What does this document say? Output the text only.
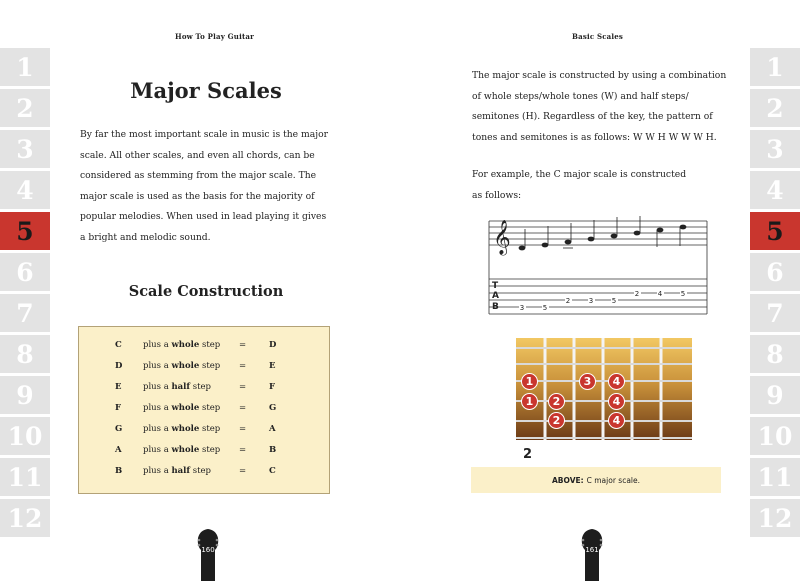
How To Play Guitar
1
2
3
4
5
6
7
8
9
10
11
12
Major Scales
By far the most important scale in music is the major
scale. All other scales, and even all chords, can be
considered as stemming from the major scale. The
major scale is used as the basis for the majority of
popular melodies. When used in lead playing it gives
a bright and melodic sound.
Scale Construction
C plus a whole step =	D
D plus a whole step =	E
E	plus a half step	=	F
F	plus a whole step =	G
G plus a whole step =	A
A	plus a whole step =	B
B plus a half step	=	C
160
Basic Scales
1
2
3
4
5
6
7
8
9
10
11
12
The major scale is constructed by using a combination
of whole steps/whole tones (W) and half steps/
semitones (H). Regardless of the key, the pattern of
tones and semitones is as follows: W W H W W W H.
For example, the C major scale is constructed
as follows:
𝄞
T
A
B	3	5
2	3	5
2	4	5
1	3	4
1	2	4
2	4
2
ABOVE: C major scale.
161
